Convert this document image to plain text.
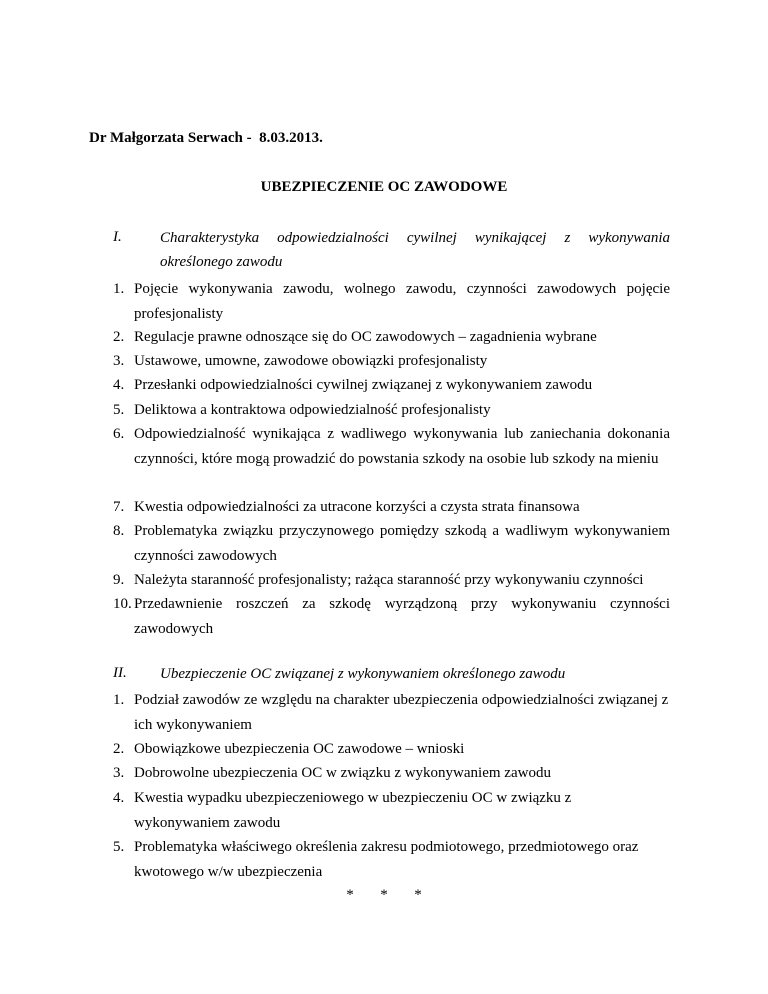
Dr Małgorzata Serwach -  8.03.2013.
UBEZPIECZENIE OC ZAWODOWE
I.	Charakterystyka odpowiedzialności cywilnej wynikającej z wykonywania
określonego zawodu
1. Pojęcie wykonywania zawodu, wolnego zawodu, czynności zawodowych pojęcie profesjonalisty
2. Regulacje prawne odnoszące się do OC zawodowych – zagadnienia wybrane
3. Ustawowe, umowne, zawodowe obowiązki profesjonalisty
4. Przesłanki odpowiedzialności cywilnej związanej z wykonywaniem zawodu
5. Deliktowa a kontraktowa odpowiedzialność profesjonalisty
6. Odpowiedzialność wynikająca z wadliwego wykonywania lub zaniechania dokonania czynności, które mogą prowadzić do powstania szkody na osobie lub szkody na mieniu
7. Kwestia odpowiedzialności za utracone korzyści a czysta strata finansowa
8. Problematyka związku przyczynowego pomiędzy szkodą a wadliwym wykonywaniem czynności zawodowych
9. Należyta staranność profesjonalisty; rażąca staranność przy wykonywaniu czynności
10. Przedawnienie roszczeń za szkodę wyrządzoną przy wykonywaniu czynności zawodowych
II. Ubezpieczenie OC związanej z wykonywaniem określonego zawodu
1. Podział zawodów ze względu na charakter ubezpieczenia odpowiedzialności związanej z ich wykonywaniem
2. Obowiązkowe ubezpieczenia OC zawodowe – wnioski
3. Dobrowolne ubezpieczenia OC w związku z wykonywaniem zawodu
4. Kwestia wypadku ubezpieczeniowego w ubezpieczeniu OC w związku z wykonywaniem zawodu
5. Problematyka właściwego określenia zakresu podmiotowego, przedmiotowego oraz kwotowego w/w ubezpieczenia
* * *
